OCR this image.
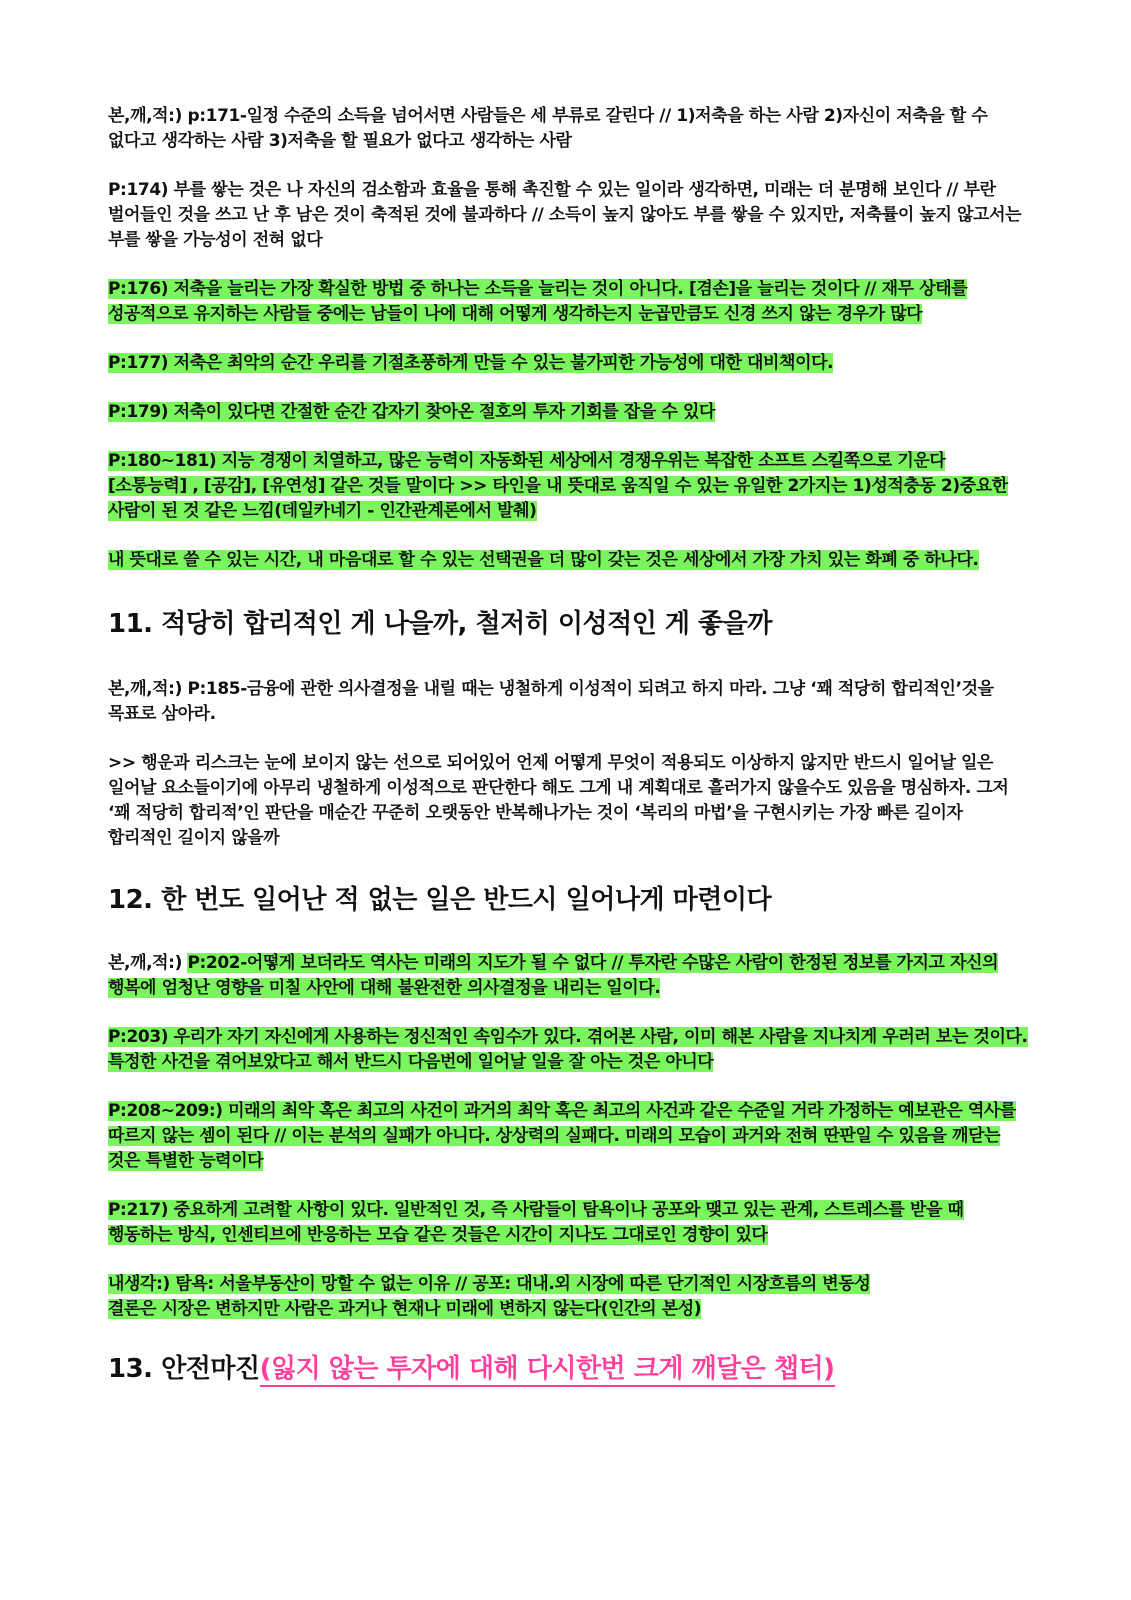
본,깨,적:) p:171-일정 수준의 소득을 넘어서면 사람들은 세 부류로 갈린다 // 1)저축을 하는 사람 2)자신이 저축을 할 수 없다고 생각하는 사람 3)저축을 할 필요가 없다고 생각하는 사람

P:174) 부를 쌓는 것은 나 자신의 검소함과 효율을 통해 촉진할 수 있는 일이라 생각하면, 미래는 더 분명해 보인다 // 부란 벌어들인 것을 쓰고 난 후 남은 것이 축적된 것에 불과하다 // 소득이 높지 않아도 부를 쌓을 수 있지만, 저축률이 높지 않고서는 부를 쌓을 가능성이 전혀 없다

P:176) 저축을 늘리는 가장 확실한 방법 중 하나는 소득을 늘리는 것이 아니다. [겸손]을 늘리는 것이다 // 재무 상태를 성공적으로 유지하는 사람들 중에는 남들이 나에 대해 어떻게 생각하는지 눈곱만큼도 신경 쓰지 않는 경우가 많다

P:177) 저축은 최악의 순간 우리를 기절초풍하게 만들 수 있는 불가피한 가능성에 대한 대비책이다.

P:179) 저축이 있다면 간절한 순간 갑자기 찾아온 절호의 투자 기회를 잡을 수 있다

P:180~181) 지능 경쟁이 치열하고, 많은 능력이 자동화된 세상에서 경쟁우위는 복잡한 소프트 스킬쪽으로 기운다 [소통능력] , [공감], [유연성] 같은 것들 말이다 >> 타인을 내 뜻대로 움직일 수 있는 유일한 2가지는 1)성적충동 2)중요한 사람이 된 것 같은 느낌(데일카네기 - 인간관계론에서 발췌)

내 뜻대로 쓸 수 있는 시간, 내 마음대로 할 수 있는 선택권을 더 많이 갖는 것은 세상에서 가장 가치 있는 화폐 중 하나다.

11. 적당히 합리적인 게 나을까, 철저히 이성적인 게 좋을까

본,깨,적:) P:185-금융에 관한 의사결정을 내릴 때는 냉철하게 이성적이 되려고 하지 마라. 그냥 ‘꽤 적당히 합리적인’것을 목표로 삼아라.

>> 행운과 리스크는 눈에 보이지 않는 선으로 되어있어 언제 어떻게 무엇이 적용되도 이상하지 않지만 반드시 일어날 일은 일어날 요소들이기에 아무리 냉철하게 이성적으로 판단한다 해도 그게 내 계획대로 흘러가지 않을수도 있음을 명심하자. 그저 ‘꽤 적당히 합리적’인 판단을 매순간 꾸준히 오랫동안 반복해나가는 것이 ‘복리의 마법’을 구현시키는 가장 빠른 길이자 합리적인 길이지 않을까

12. 한 번도 일어난 적 없는 일은 반드시 일어나게 마련이다

본,깨,적:) P:202-어떻게 보더라도 역사는 미래의 지도가 될 수 없다 // 투자란 수많은 사람이 한정된 정보를 가지고 자신의 행복에 엄청난 영향을 미칠 사안에 대해 불완전한 의사결정을 내리는 일이다.

P:203) 우리가 자기 자신에게 사용하는 정신적인 속임수가 있다. 겪어본 사람, 이미 해본 사람을 지나치게 우러러 보는 것이다. 특정한 사건을 겪어보았다고 해서 반드시 다음번에 일어날 일을 잘 아는 것은 아니다

P:208~209:) 미래의 최악 혹은 최고의 사건이 과거의 최악 혹은 최고의 사건과 같은 수준일 거라 가정하는 예보관은 역사를 따르지 않는 셈이 된다 // 이는 분석의 실패가 아니다. 상상력의 실패다. 미래의 모습이 과거와 전혀 딴판일 수 있음을 깨닫는 것은 특별한 능력이다

P:217) 중요하게 고려할 사항이 있다. 일반적인 것, 즉 사람들이 탐욕이나 공포와 맺고 있는 관계, 스트레스를 받을 때 행동하는 방식, 인센티브에 반응하는 모습 같은 것들은 시간이 지나도 그대로인 경향이 있다

내생각:) 탐욕: 서울부동산이 망할 수 없는 이유 // 공포: 대내.외 시장에 따른 단기적인 시장흐름의 변동성
결론은 시장은 변하지만 사람은 과거나 현재나 미래에 변하지 않는다(인간의 본성)

13. 안전마진(잃지 않는 투자에 대해 다시한번 크게 깨달은 챕터)
